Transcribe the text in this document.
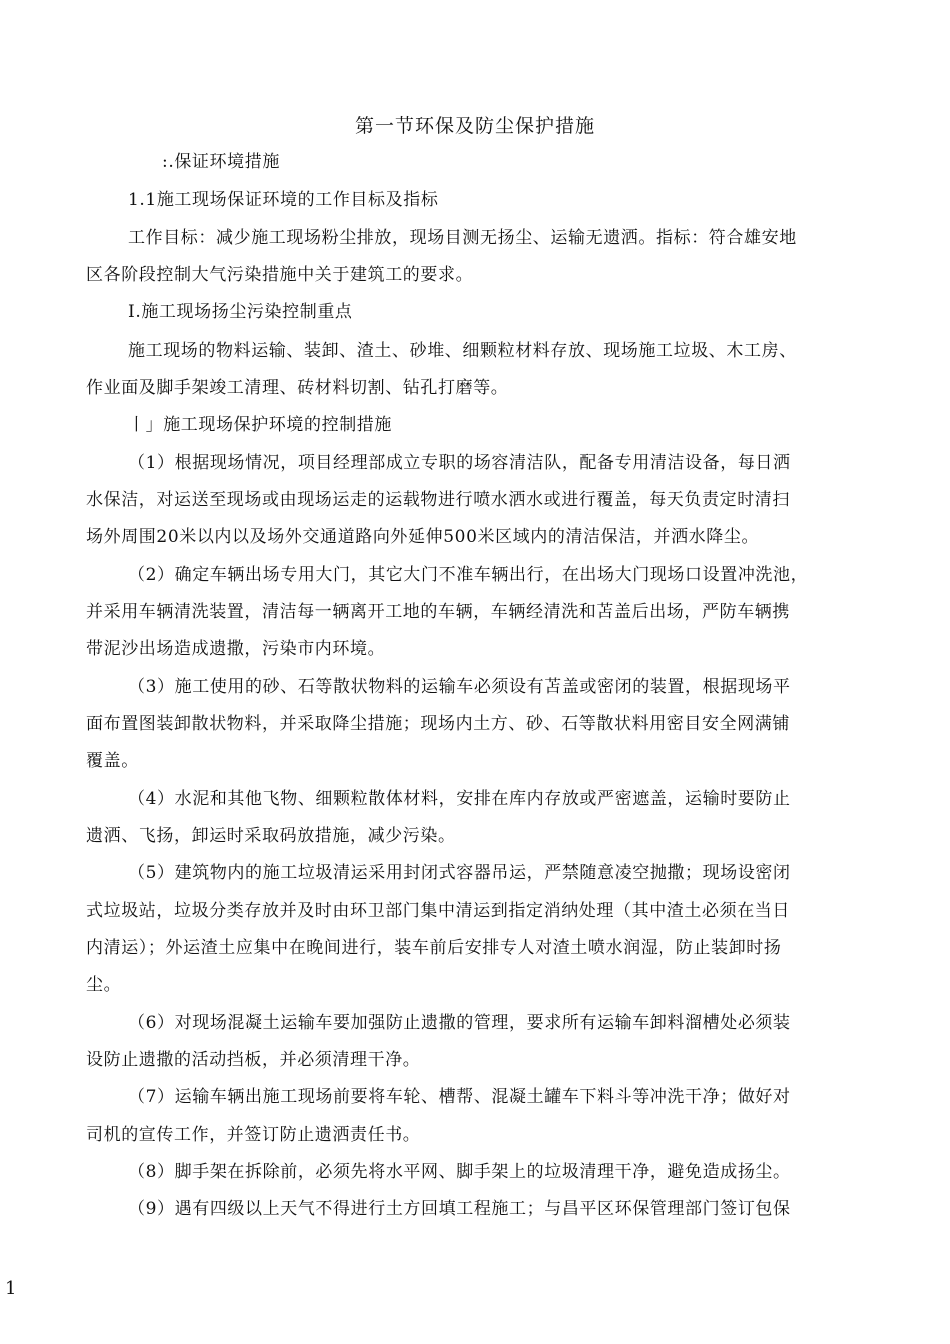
第一节环保及防尘保护措施
:.保证环境措施
1.1施工现场保证环境的工作目标及指标
工作目标：减少施工现场粉尘排放，现场目测无扬尘、运输无遗洒。指标：符合雄安地
区各阶段控制大气污染措施中关于建筑工的要求。
I.施工现场扬尘污染控制重点
施工现场的物料运输、装卸、渣土、砂堆、细颗粒材料存放、现场施工垃圾、木工房、
作业面及脚手架竣工清理、砖材料切割、钻孔打磨等。
丨」施工现场保护环境的控制措施
（1）根据现场情况，项目经理部成立专职的场容清洁队，配备专用清洁设备，每日洒
水保洁，对运送至现场或由现场运走的运载物进行喷水洒水或进行覆盖，每天负责定时清扫
场外周围20米以内以及场外交通道路向外延伸500米区域内的清洁保洁，并洒水降尘。
（2）确定车辆出场专用大门，其它大门不准车辆出行，在出场大门现场口设置冲洗池，
并采用车辆清洗装置，清洁每一辆离开工地的车辆，车辆经清洗和苫盖后出场，严防车辆携
带泥沙出场造成遗撒，污染市内环境。
（3）施工使用的砂、石等散状物料的运输车必须设有苫盖或密闭的装置，根据现场平
面布置图装卸散状物料，并采取降尘措施；现场内土方、砂、石等散状料用密目安全网满铺
覆盖。
（4）水泥和其他飞物、细颗粒散体材料，安排在库内存放或严密遮盖，运输时要防止
遗洒、飞扬，卸运时采取码放措施，减少污染。
（5）建筑物内的施工垃圾清运采用封闭式容器吊运，严禁随意凌空抛撒；现场设密闭
式垃圾站，垃圾分类存放并及时由环卫部门集中清运到指定消纳处理（其中渣土必须在当日
内清运）；外运渣土应集中在晚间进行，装车前后安排专人对渣土喷水润湿，防止装卸时扬
尘。
（6）对现场混凝土运输车要加强防止遗撒的管理，要求所有运输车卸料溜槽处必须装
设防止遗撒的活动挡板，并必须清理干净。
（7）运输车辆出施工现场前要将车轮、槽帮、混凝土罐车下料斗等冲洗干净；做好对
司机的宣传工作，并签订防止遗洒责任书。
（8）脚手架在拆除前，必须先将水平网、脚手架上的垃圾清理干净，避免造成扬尘。
（9）遇有四级以上天气不得进行土方回填工程施工；与昌平区环保管理部门签订包保
1
